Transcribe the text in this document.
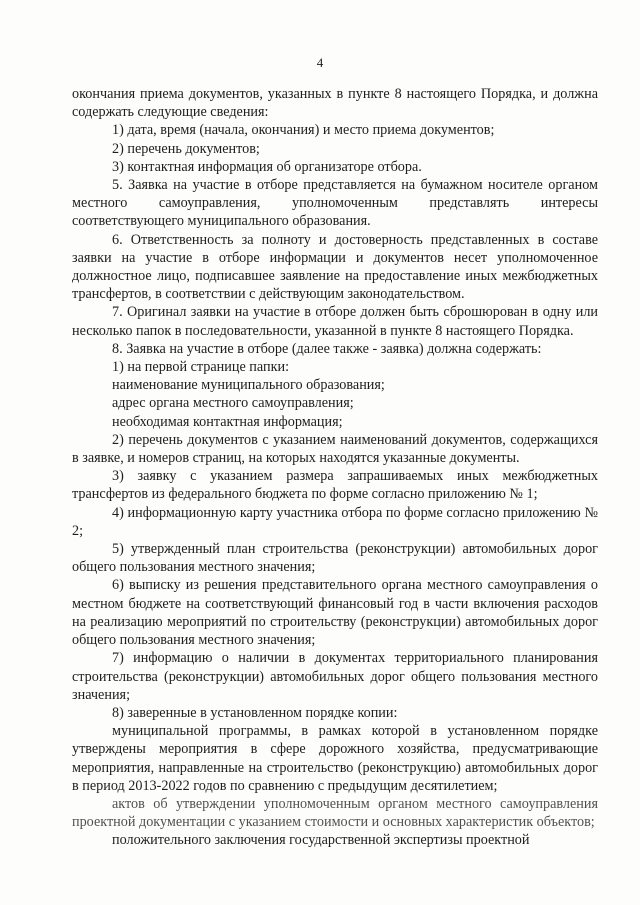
4

окончания приема документов, указанных в пункте 8 настоящего Порядка, и должна содержать следующие сведения:

1) дата, время (начала, окончания) и место приема документов;

2) перечень документов;

3) контактная информация об организаторе отбора.

5. Заявка на участие в отборе представляется на бумажном носителе органом местного самоуправления, уполномоченным представлять интересы соответствующего муниципального образования.

6. Ответственность за полноту и достоверность представленных в составе заявки на участие в отборе информации и документов несет уполномоченное должностное лицо, подписавшее заявление на предоставление иных межбюджетных трансфертов, в соответствии с действующим законодательством.

7. Оригинал заявки на участие в отборе должен быть сброшюрован в одну или несколько папок в последовательности, указанной в пункте 8 настоящего Порядка.

8. Заявка на участие в отборе (далее также - заявка) должна содержать:

1) на первой странице папки:

наименование муниципального образования;

адрес органа местного самоуправления;

необходимая контактная информация;

2) перечень документов с указанием наименований документов, содержащихся в заявке, и номеров страниц, на которых находятся указанные документы.

3) заявку с указанием размера запрашиваемых иных межбюджетных трансфертов из федерального бюджета по форме согласно приложению № 1;

4) информационную карту участника отбора по форме согласно приложению № 2;

5) утвержденный план строительства (реконструкции) автомобильных дорог общего пользования местного значения;

6) выписку из решения представительного органа местного самоуправления о местном бюджете на соответствующий финансовый год в части включения расходов на реализацию мероприятий по строительству (реконструкции) автомобильных дорог общего пользования местного значения;

7) информацию о наличии в документах территориального планирования строительства (реконструкции) автомобильных дорог общего пользования местного значения;

8) заверенные в установленном порядке копии:

муниципальной программы, в рамках которой в установленном порядке утверждены мероприятия в сфере дорожного хозяйства, предусматривающие мероприятия, направленные на строительство (реконструкцию) автомобильных дорог в период 2013-2022 годов по сравнению с предыдущим десятилетием;

актов об утверждении уполномоченным органом местного самоуправления проектной документации с указанием стоимости и основных характеристик объектов;

положительного заключения государственной экспертизы проектной
